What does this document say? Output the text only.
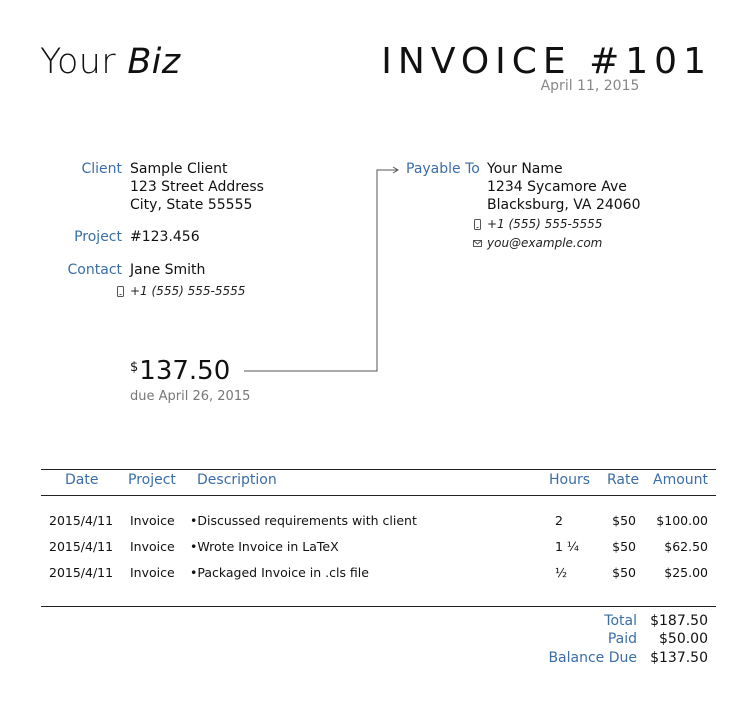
Your Biz	INVOICE #101
April 11, 2015
Client Sample Client
123 Street Address
City, State 55555
Project #123.456
Contact Jane Smith
+1 (555) 555-5555
Payable To Your Name
1234 Sycamore Ave
Blacksburg, VA 24060
+1 (555) 555-5555
you@example.com
$137.50
due April 26, 2015
Date Project Description	Hours Rate Amount
2015/4/11 Invoice •Discussed requirements with client	2	$50 $100.00
2015/4/11 Invoice •Wrote Invoice in LaTeX	1 ¼	$50 $62.50
2015/4/11 Invoice •Packaged Invoice in .cls file	½	$50 $25.00
Total $187.50
Paid $50.00
Balance Due $137.50
